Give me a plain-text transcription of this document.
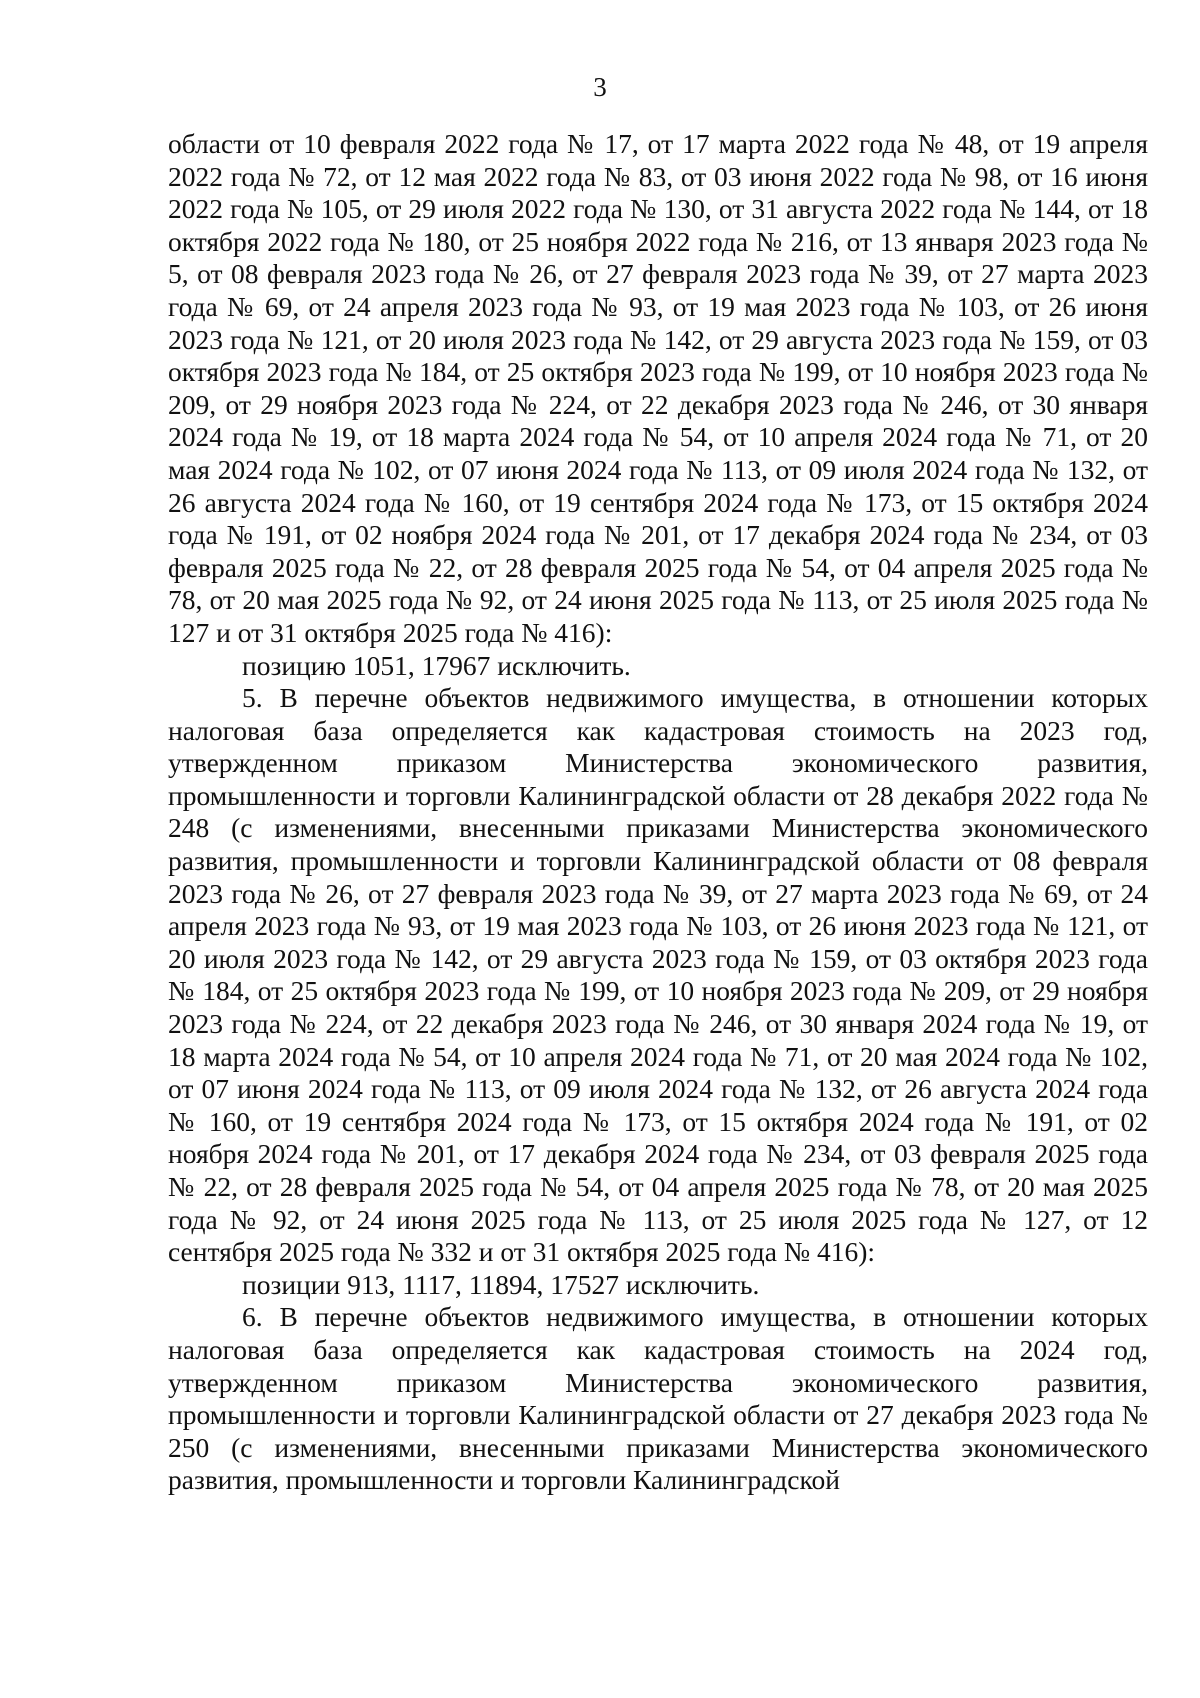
3

области от 10 февраля 2022 года № 17, от 17 марта 2022 года № 48, от 19 апреля 2022 года № 72, от 12 мая 2022 года № 83, от 03 июня 2022 года № 98, от 16 июня 2022 года № 105, от 29 июля 2022 года № 130, от 31 августа 2022 года № 144, от 18 октября 2022 года № 180, от 25 ноября 2022 года № 216, от 13 января 2023 года № 5, от 08 февраля 2023 года № 26, от 27 февраля 2023 года № 39, от 27 марта 2023 года № 69, от 24 апреля 2023 года № 93, от 19 мая 2023 года № 103, от 26 июня 2023 года № 121, от 20 июля 2023 года № 142, от 29 августа 2023 года № 159, от 03 октября 2023 года № 184, от 25 октября 2023 года № 199, от 10 ноября 2023 года № 209, от 29 ноября 2023 года № 224, от 22 декабря 2023 года № 246, от 30 января 2024 года № 19, от 18 марта 2024 года № 54, от 10 апреля 2024 года № 71, от 20 мая 2024 года № 102, от 07 июня 2024 года № 113, от 09 июля 2024 года № 132, от 26 августа 2024 года № 160, от 19 сентября 2024 года № 173, от 15 октября 2024 года № 191, от 02 ноября 2024 года № 201, от 17 декабря 2024 года № 234, от 03 февраля 2025 года № 22, от 28 февраля 2025 года № 54, от 04 апреля 2025 года № 78, от 20 мая 2025 года № 92, от 24 июня 2025 года № 113, от 25 июля 2025 года № 127 и от 31 октября 2025 года № 416):

позицию 1051, 17967 исключить.

5. В перечне объектов недвижимого имущества, в отношении которых налоговая база определяется как кадастровая стоимость на 2023 год, утвержденном приказом Министерства экономического развития, промышленности и торговли Калининградской области от 28 декабря 2022 года № 248 (с изменениями, внесенными приказами Министерства экономического развития, промышленности и торговли Калининградской области от 08 февраля 2023 года № 26, от 27 февраля 2023 года № 39, от 27 марта 2023 года № 69, от 24 апреля 2023 года № 93, от 19 мая 2023 года № 103, от 26 июня 2023 года № 121, от 20 июля 2023 года № 142, от 29 августа 2023 года № 159, от 03 октября 2023 года № 184, от 25 октября 2023 года № 199, от 10 ноября 2023 года № 209, от 29 ноября 2023 года № 224, от 22 декабря 2023 года № 246, от 30 января 2024 года № 19, от 18 марта 2024 года № 54, от 10 апреля 2024 года № 71, от 20 мая 2024 года № 102, от 07 июня 2024 года № 113, от 09 июля 2024 года № 132, от 26 августа 2024 года № 160, от 19 сентября 2024 года № 173, от 15 октября 2024 года № 191, от 02 ноября 2024 года № 201, от 17 декабря 2024 года № 234, от 03 февраля 2025 года № 22, от 28 февраля 2025 года № 54, от 04 апреля 2025 года № 78, от 20 мая 2025 года № 92, от 24 июня 2025 года № 113, от 25 июля 2025 года № 127, от 12 сентября 2025 года № 332 и от 31 октября 2025 года № 416):

позиции 913, 1117, 11894, 17527 исключить.

6. В перечне объектов недвижимого имущества, в отношении которых налоговая база определяется как кадастровая стоимость на 2024 год, утвержденном приказом Министерства экономического развития, промышленности и торговли Калининградской области от 27 декабря 2023 года № 250 (с изменениями, внесенными приказами Министерства экономического развития, промышленности и торговли Калининградской
